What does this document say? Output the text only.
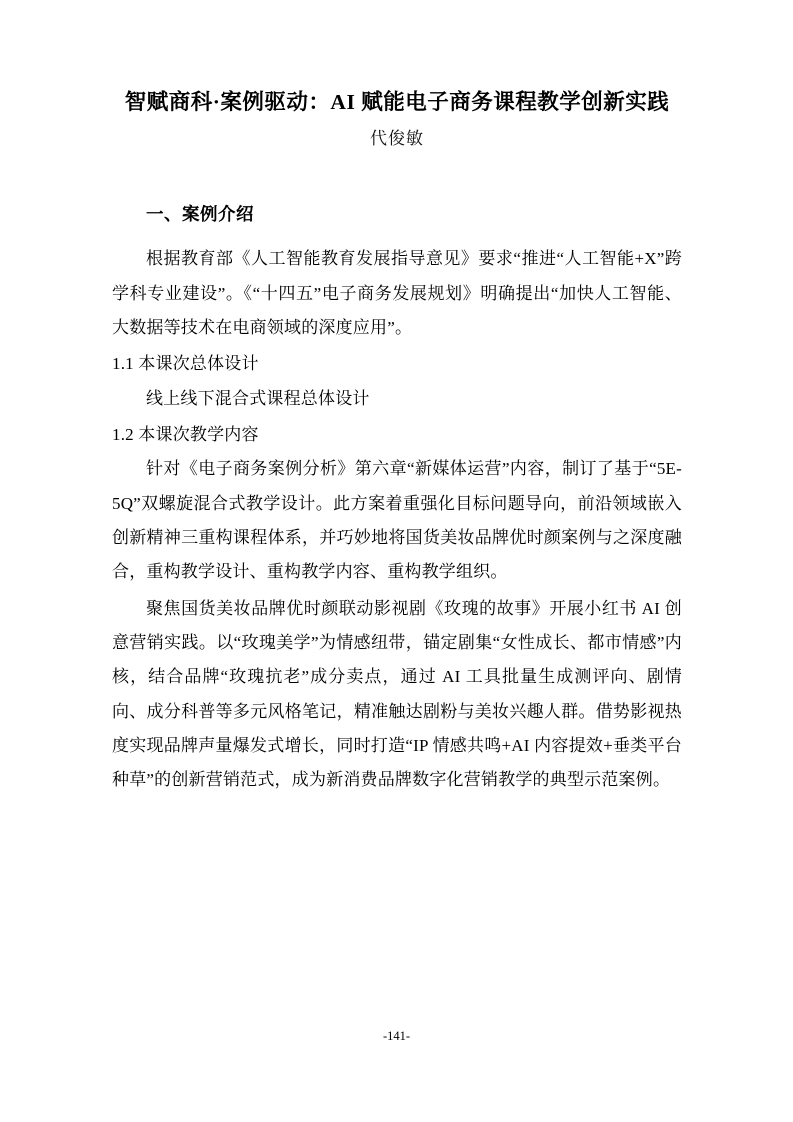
智赋商科·案例驱动：AI 赋能电子商务课程教学创新实践
代俊敏
一、案例介绍

根据教育部《人工智能教育发展指导意见》要求“推进“人工智能+X”跨学科专业建设”。《“十四五”电子商务发展规划》明确提出“加快人工智能、大数据等技术在电商领域的深度应用”。

1.1 本课次总体设计

线上线下混合式课程总体设计

1.2 本课次教学内容

针对《电子商务案例分析》第六章“新媒体运营”内容，制订了基于“5E-5Q”双螺旋混合式教学设计。此方案着重强化目标问题导向，前沿领域嵌入创新精神三重构课程体系，并巧妙地将国货美妆品牌优时颜案例与之深度融合，重构教学设计、重构教学内容、重构教学组织。

聚焦国货美妆品牌优时颜联动影视剧《玫瑰的故事》开展小红书 AI 创意营销实践。以“玫瑰美学”为情感纽带，锚定剧集“女性成长、都市情感”内核，结合品牌“玫瑰抗老”成分卖点，通过 AI 工具批量生成测评向、剧情向、成分科普等多元风格笔记，精准触达剧粉与美妆兴趣人群。借势影视热度实现品牌声量爆发式增长，同时打造“IP 情感共鸣+AI 内容提效+垂类平台种草”的创新营销范式，成为新消费品牌数字化营销教学的典型示范案例。

-141-
